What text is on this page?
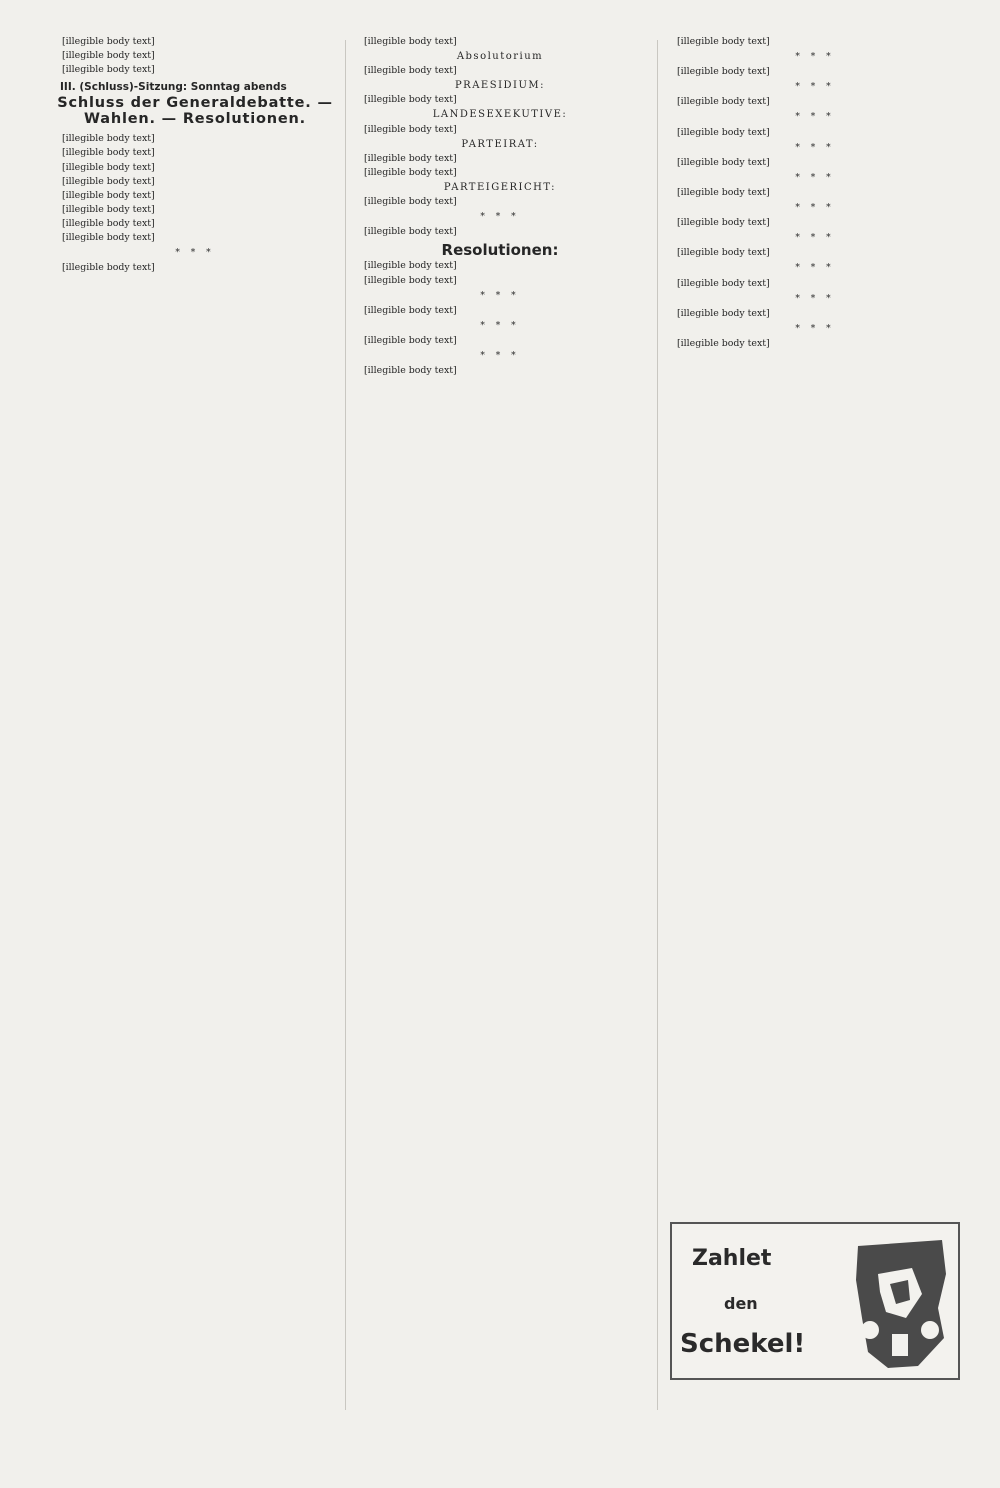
[illegible body text]

[illegible body text]

[illegible body text]

III. (Schluss)-Sitzung: Sonntag abends
Schluss der Generaldebatte. — Wahlen. — Resolutionen.

[illegible body text]

[illegible body text]

[illegible body text]

[illegible body text]

[illegible body text]

[illegible body text]

[illegible body text]

[illegible body text]

* * *

[illegible body text]

[illegible body text]

Absolutorium

[illegible body text]

PRAESIDIUM:

[illegible body text]

LANDESEXEKUTIVE:

[illegible body text]

PARTEIRAT:

[illegible body text]

[illegible body text]

PARTEIGERICHT:

[illegible body text]

* * *

[illegible body text]

Resolutionen:

[illegible body text]

[illegible body text]

* * *

[illegible body text]

* * *

[illegible body text]

* * *

[illegible body text]

[illegible body text]

* * *

[illegible body text]

* * *

[illegible body text]

* * *

[illegible body text]

* * *

[illegible body text]

* * *

[illegible body text]

* * *

[illegible body text]

* * *

[illegible body text]

* * *

[illegible body text]

* * *

[illegible body text]

* * *

[illegible body text]

Zahlet
den
Schekel!
